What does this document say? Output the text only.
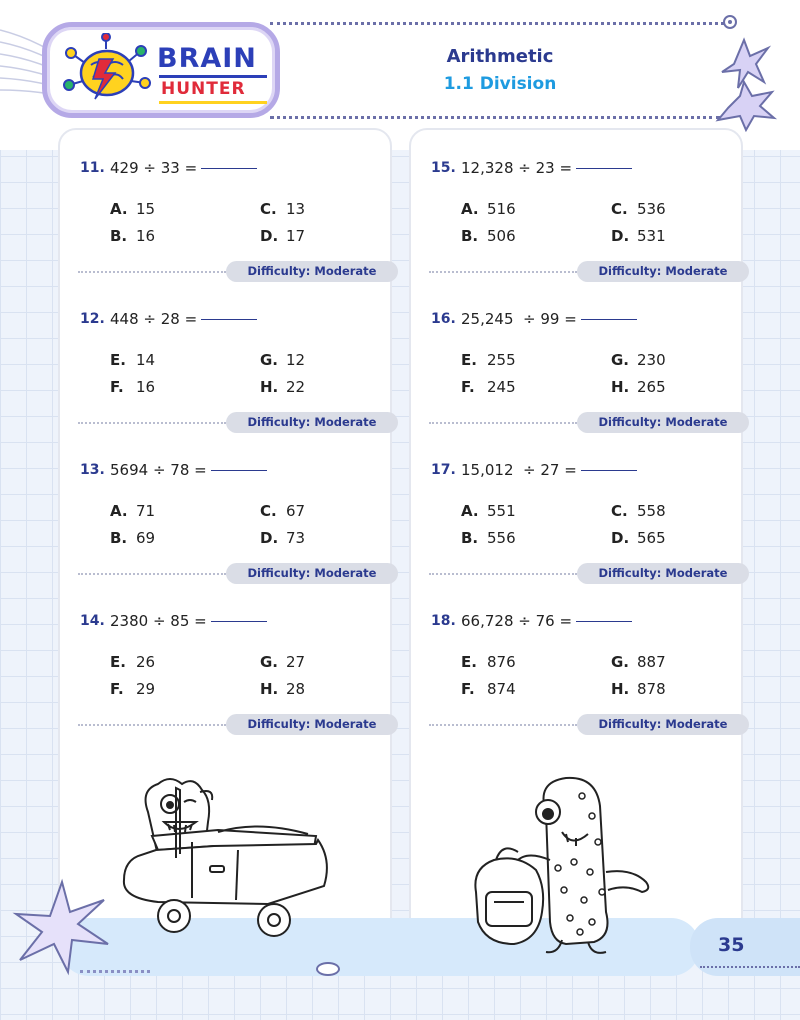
BRAIN
HUNTER
Arithmetic
1.1 Division
11. 429 ÷ 33 =
A. 15	C. 13
B. 16	D. 17
Difficulty: Moderate
12. 448 ÷ 28 =
E. 14	G. 12
F. 16	H. 22
Difficulty: Moderate
13. 5694 ÷ 78 =
A. 71	C. 67
B. 69	D. 73
Difficulty: Moderate
14. 2380 ÷ 85 =
E. 26	G. 27
F. 29	H. 28
Difficulty: Moderate
15. 12,328 ÷ 23 =
A. 516	C. 536
B. 506	D. 531
Difficulty: Moderate
16. 25,245  ÷ 99 =
E. 255	G. 230
F. 245	H. 265
Difficulty: Moderate
17. 15,012  ÷ 27 =
A. 551	C. 558
B. 556	D. 565
Difficulty: Moderate
18. 66,728 ÷ 76 =
E. 876	G. 887
F. 874	H. 878
Difficulty: Moderate
35
